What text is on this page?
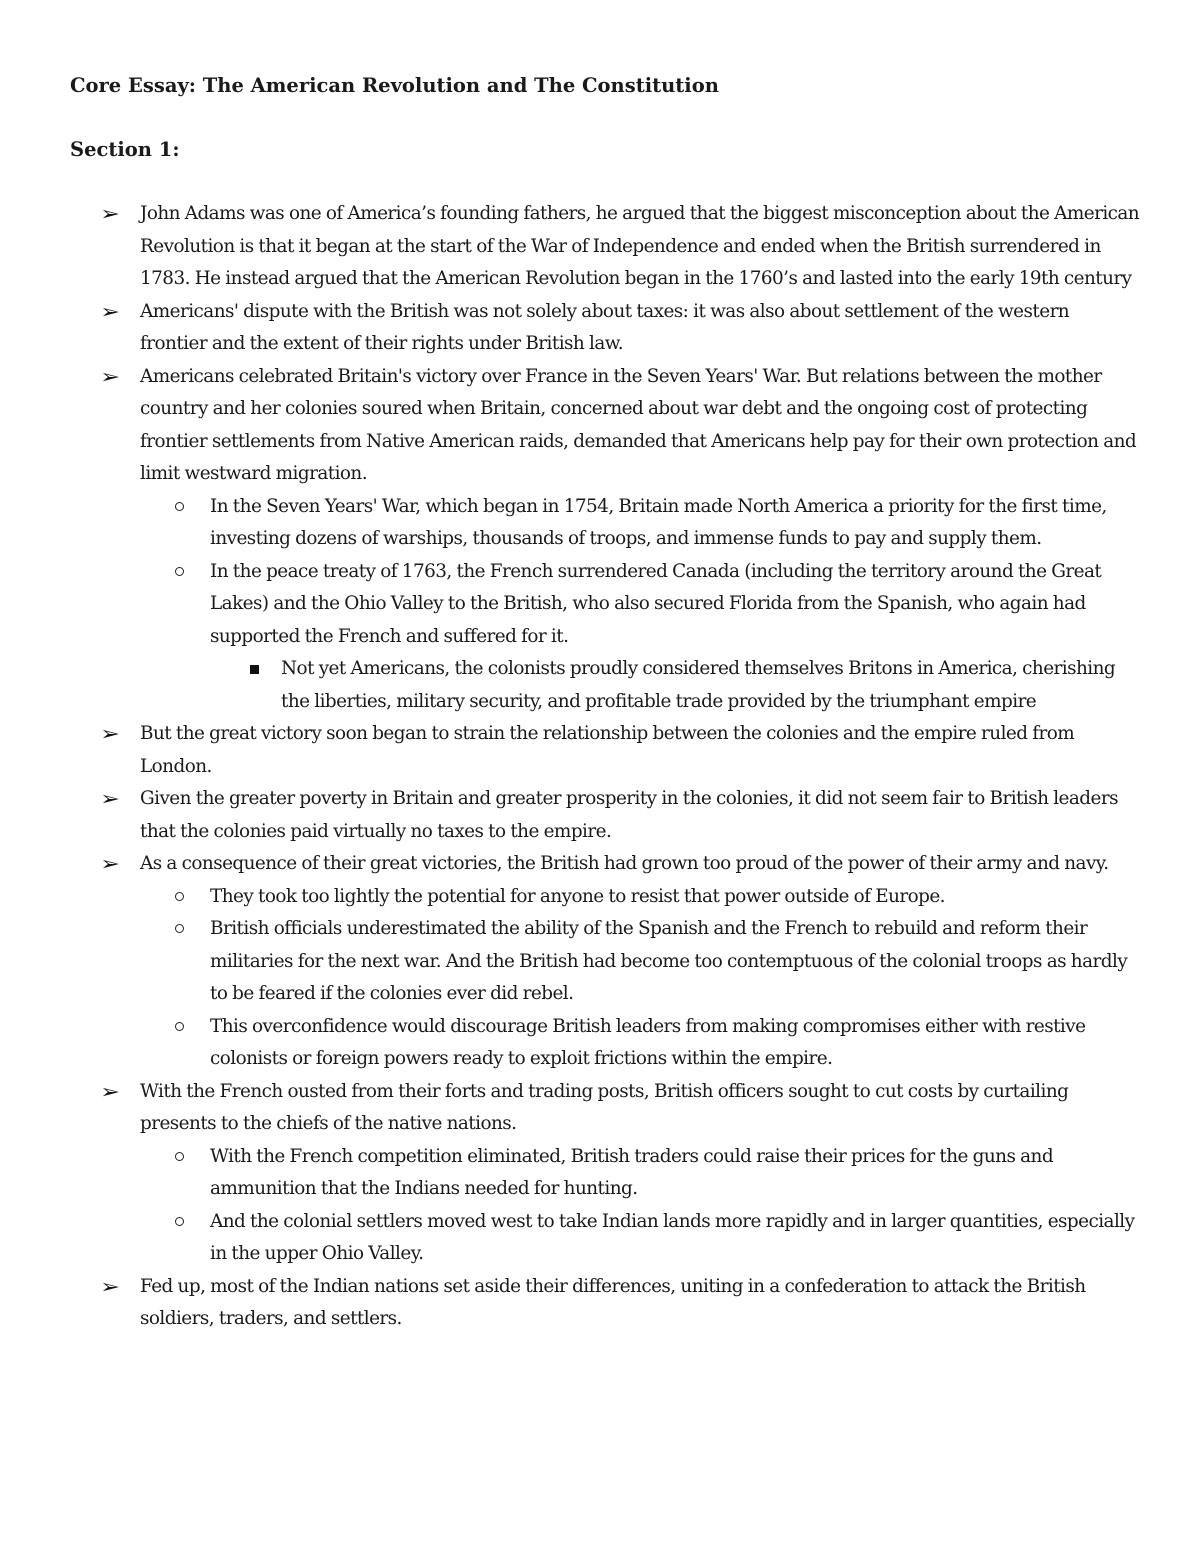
Core Essay: The American Revolution and The Constitution
Section 1:
➢ John Adams was one of America’s founding fathers, he argued that the biggest misconception about the American Revolution is that it began at the start of the War of Independence and ended when the British surrendered in 1783. He instead argued that the American Revolution began in the 1760’s and lasted into the early 19th century
➢ Americans' dispute with the British was not solely about taxes: it was also about settlement of the western frontier and the extent of their rights under British law.
➢ Americans celebrated Britain's victory over France in the Seven Years' War. But relations between the mother country and her colonies soured when Britain, concerned about war debt and the ongoing cost of protecting frontier settlements from Native American raids, demanded that Americans help pay for their own protection and limit westward migration.
In the Seven Years' War, which began in 1754, Britain made North America a priority for the first time, investing dozens of warships, thousands of troops, and immense funds to pay and supply them.
In the peace treaty of 1763, the French surrendered Canada (including the territory around the Great Lakes) and the Ohio Valley to the British, who also secured Florida from the Spanish, who again had supported the French and suffered for it.
Not yet Americans, the colonists proudly considered themselves Britons in America, cherishing the liberties, military security, and profitable trade provided by the triumphant empire
➢ But the great victory soon began to strain the relationship between the colonies and the empire ruled from London.
➢ Given the greater poverty in Britain and greater prosperity in the colonies, it did not seem fair to British leaders that the colonies paid virtually no taxes to the empire.
➢ As a consequence of their great victories, the British had grown too proud of the power of their army and navy.
They took too lightly the potential for anyone to resist that power outside of Europe.
British officials underestimated the ability of the Spanish and the French to rebuild and reform their militaries for the next war. And the British had become too contemptuous of the colonial troops as hardly to be feared if the colonies ever did rebel.
This overconfidence would discourage British leaders from making compromises either with restive colonists or foreign powers ready to exploit frictions within the empire.
➢ With the French ousted from their forts and trading posts, British officers sought to cut costs by curtailing presents to the chiefs of the native nations.
With the French competition eliminated, British traders could raise their prices for the guns and ammunition that the Indians needed for hunting.
And the colonial settlers moved west to take Indian lands more rapidly and in larger quantities, especially in the upper Ohio Valley.
➢ Fed up, most of the Indian nations set aside their differences, uniting in a confederation to attack the British soldiers, traders, and settlers.
